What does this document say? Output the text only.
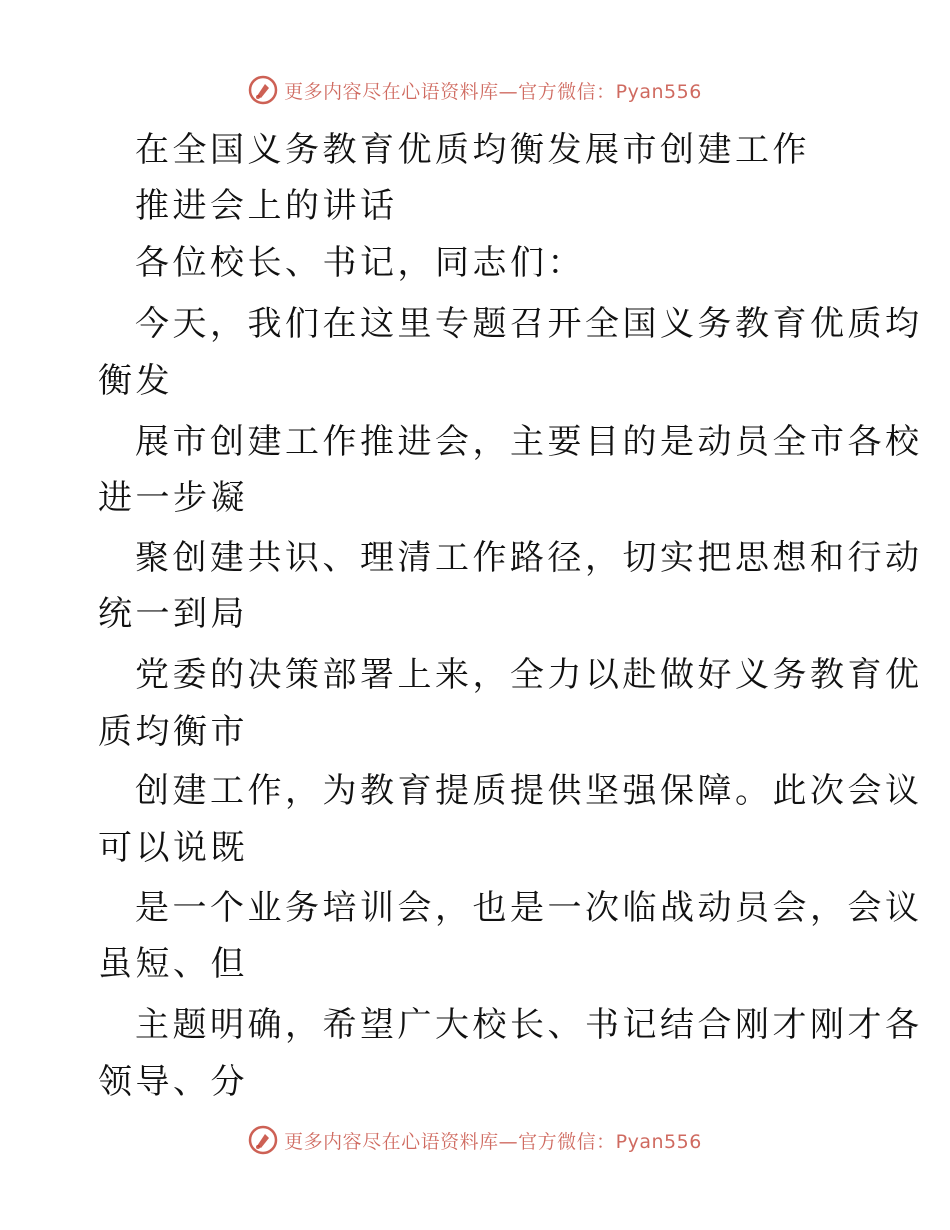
更多内容尽在心语资料库—官方微信：Pyan556
在全国义务教育优质均衡发展市创建工作
推进会上的讲话
各位校长、书记，同志们：
今天，我们在这里专题召开全国义务教育优质均
衡发
展市创建工作推进会，主要目的是动员全市各校
进一步凝
聚创建共识、理清工作路径，切实把思想和行动
统一到局
党委的决策部署上来，全力以赴做好义务教育优
质均衡市
创建工作，为教育提质提供坚强保障。此次会议
可以说既
是一个业务培训会，也是一次临战动员会，会议
虽短、但
主题明确，希望广大校长、书记结合刚才刚才各
领导、分
更多内容尽在心语资料库—官方微信：Pyan556
